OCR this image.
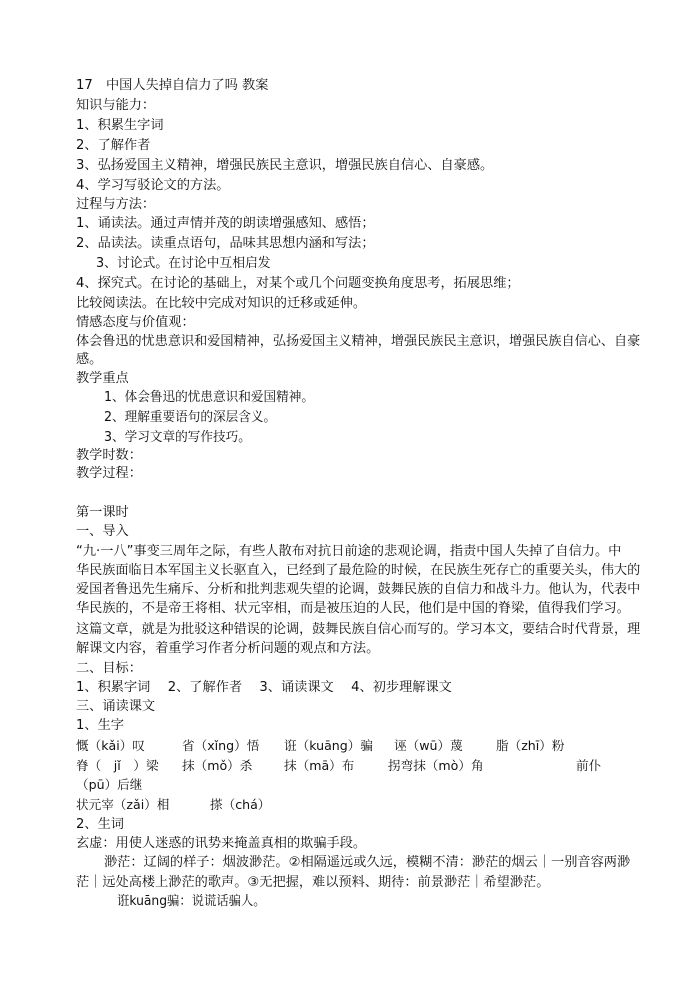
17　中国人失掉自信力了吗 教案
知识与能力：
1、积累生字词
2、了解作者
3、弘扬爱国主义精神，增强民族民主意识，增强民族自信心、自豪感。
4、学习写驳论文的方法。
过程与方法：
1、诵读法。通过声情并茂的朗读增强感知、感悟；
2、品读法。读重点语句，品味其思想内涵和写法；
3、讨论式。在讨论中互相启发
4、探究式。在讨论的基础上，对某个或几个问题变换角度思考，拓展思维；
比较阅读法。在比较中完成对知识的迁移或延伸。
情感态度与价值观：
体会鲁迅的忧患意识和爱国精神，弘扬爱国主义精神，增强民族民主意识，增强民族自信心、自豪
感。
教学重点
1、体会鲁迅的忧患意识和爱国精神。
2、理解重要语句的深层含义。
3、学习文章的写作技巧。
教学时数：
教学过程：
第一课时
一、导入
“九·一八”事变三周年之际，有些人散布对抗日前途的悲观论调，指责中国人失掉了自信力。中
华民族面临日本军国主义长驱直入，已经到了最危险的时候，在民族生死存亡的重要关头，伟大的
爱国者鲁迅先生痛斥、分析和批判悲观失望的论调，鼓舞民族的自信力和战斗力。他认为，代表中
华民族的，不是帝王将相、状元宰相，而是被压迫的人民，他们是中国的脊梁，值得我们学习。
这篇文章，就是为批驳这种错误的论调，鼓舞民族自信心而写的。学习本文，要结合时代背景，理
解课文内容，着重学习作者分析问题的观点和方法。
二、目标：
1、积累字词　 2、了解作者　 3、诵读课文　 4、初步理解课文
三、诵读课文
1、生字
慨（kǎi）叹	省（xǐng）悟 诳（kuāng）骗 诬（wū）蔑	脂（zhī）粉
脊（　jǐ　）梁 抹（mǒ）杀	抹（mā）布	拐弯抹（mò）角	前仆
（pū）后继
状元宰（zǎi）相	搽（chá）
2、生词
玄虚：用使人迷惑的讯势来掩盖真相的欺骗手段。
渺茫：辽阔的样子：烟波渺茫。②相隔遥远或久远，模糊不清：渺茫的烟云｜一别音容两渺
茫｜远处高楼上渺茫的歌声。③无把握，难以预料、期待：前景渺茫｜希望渺茫。
诳kuāng骗：说谎话骗人。
